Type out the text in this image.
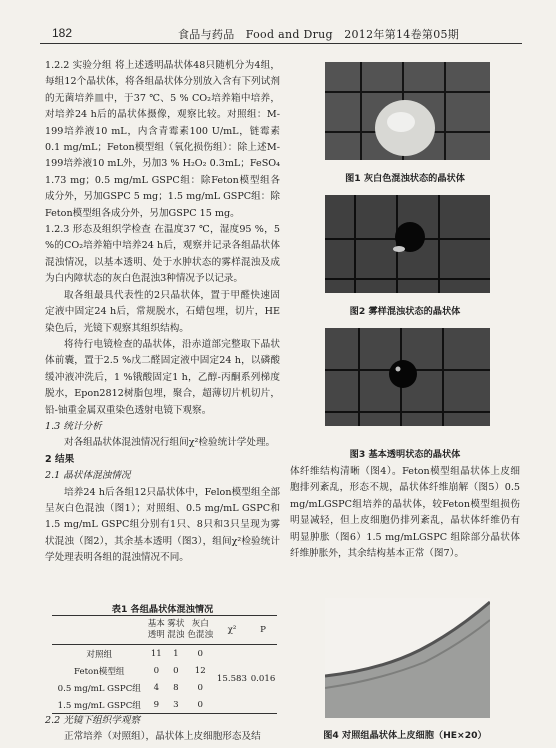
182	食品与药品　Food and Drug　2012年第14卷第05期

1.2.2 实验分组 将上述透明晶状体48只随机分为4组，每组12个晶状体，将各组晶状体分别放入含有下列试剂的无菌培养皿中，于37 ℃、5 % CO₂培养箱中培养，对培养24 h后的晶状体摄像，观察比较。对照组：M-199培养液10 mL，内含青霉素100 U/mL，链霉素0.1 mg/mL；Feton模型组（氧化损伤组）：除上述M-199培养液10 mL外，另加3 % H₂O₂ 0.3mL；FeSO₄ 1.73 mg；0.5 mg/mL GSPC组：除Feton模型组各成分外，另加GSPC 5 mg；1.5 mg/mL GSPC组：除Feton模型组各成分外，另加GSPC 15 mg。

1.2.3 形态及组织学检查 在温度37 ℃，湿度95 %，5 %的CO₂培养箱中培养24 h后，观察并记录各组晶状体混浊情况，以基本透明、处于水肿状态的雾样混浊及成为白内障状态的灰白色混浊3种情况予以记录。

取各组最具代表性的2只晶状体，置于甲醛快速固定液中固定24 h后，常规脱水，石蜡包埋，切片，HE染色后，光镜下观察其组织结构。

将待行电镜检查的晶状体，沿赤道部完整取下晶状体前囊，置于2.5 %戊二醛固定液中固定24 h，以磷酸缓冲液冲洗后，1 %锇酸固定1 h，乙醇-丙酮系列梯度脱水，Epon2812树脂包埋，聚合，超薄切片机切片，铅-铀重金属双重染色透射电镜下观察。

1.3 统计分析

对各组晶状体混浊情况行组间χ²检验统计学处理。

2 结果

2.1 晶状体混浊情况

培养24 h后各组12只晶状体中，Felon模型组全部呈灰白色混浊（图1）；对照组、0.5 mg/mL GSPC和1.5 mg/mL GSPC组分别有1只、8只和3只呈现为雾状混浊（图2），其余基本透明（图3），组间χ²检验统计学处理表明各组的混浊情况不同。

表1 各组晶状体混浊情况
	基本
透明	雾状
混浊	灰白
色混浊	χ²	P
对照组	11	1	0	15.583	0.016
Feton模型组	0	0	12		
0.5 mg/mL GSPC组	4	8	0		
1.5 mg/mL GSPC组	9	3	0		

2.2 光镜下组织学观察

正常培养（对照组），晶状体上皮细胞形态及结

图1 灰白色混浊状态的晶状体
图2 雾样混浊状态的晶状体
图3 基本透明状态的晶状体

体纤维结构清晰（图4）。Feton模型组晶状体上皮细胞排列紊乱，形态不规，晶状体纤维崩解（图5）0.5 mg/mLGSPC组培养的晶状体，较Feton模型组损伤明显减轻，但上皮细胞仍排列紊乱，晶状体纤维仍有明显肿胀（图6）1.5 mg/mLGSPC 组除部分晶状体纤维肿胀外，其余结构基本正常（图7）。

图4 对照组晶状体上皮细胞（HE×20）
